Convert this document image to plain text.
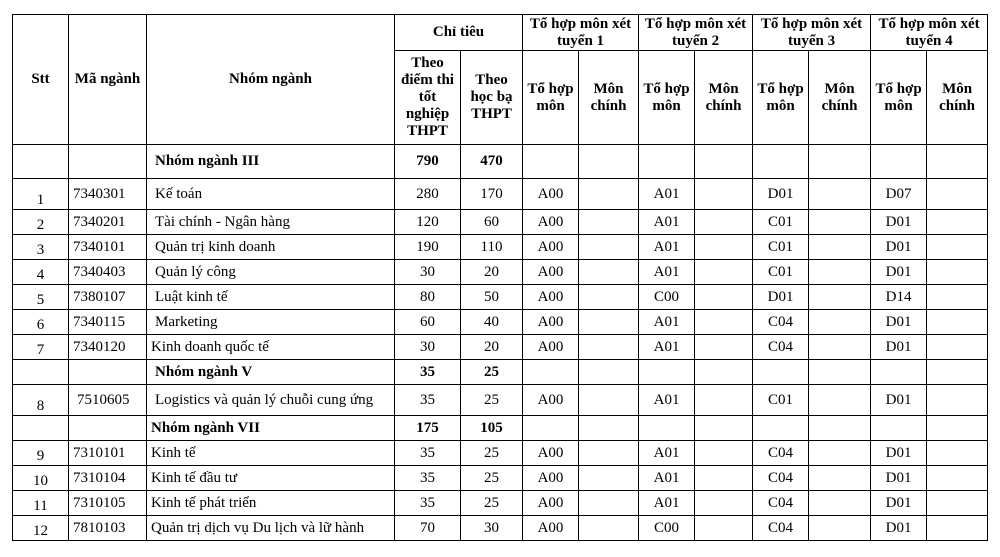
Stt	Mã ngành	Nhóm ngành	Chỉ tiêu		Tổ hợp môn xét tuyển 1		Tổ hợp môn xét tuyển 2		Tổ hợp môn xét tuyển 3		Tổ hợp môn xét tuyển 4	
			Theo điểm thi tốt nghiệp THPT	Theo học bạ THPT	Tổ hợp môn	Môn chính	Tổ hợp môn	Môn chính	Tổ hợp môn	Môn chính	Tổ hợp môn	Môn chính
		Nhóm ngành III	790	470								
1	7340301	Kế toán	280	170	A00		A01		D01		D07	
2	7340201	Tài chính - Ngân hàng	120	60	A00		A01		C01		D01	
3	7340101	Quản trị kinh doanh	190	110	A00		A01		C01		D01	
4	7340403	Quản lý công	30	20	A00		A01		C01		D01	
5	7380107	Luật kinh tế	80	50	A00		C00		D01		D14	
6	7340115	Marketing	60	40	A00		A01		C04		D01	
7	7340120	Kinh doanh quốc tế	30	20	A00		A01		C04		D01	
		Nhóm ngành V	35	25								
8	7510605	Logistics và quản lý chuỗi cung ứng	35	25	A00		A01		C01		D01	
		Nhóm ngành VII	175	105								
9	7310101	Kinh tế	35	25	A00		A01		C04		D01	
10	7310104	Kinh tế đầu tư	35	25	A00		A01		C04		D01	
11	7310105	Kinh tế phát triển	35	25	A00		A01		C04		D01	
12	7810103	Quản trị dịch vụ Du lịch và lữ hành	70	30	A00		C00		C04		D01	
